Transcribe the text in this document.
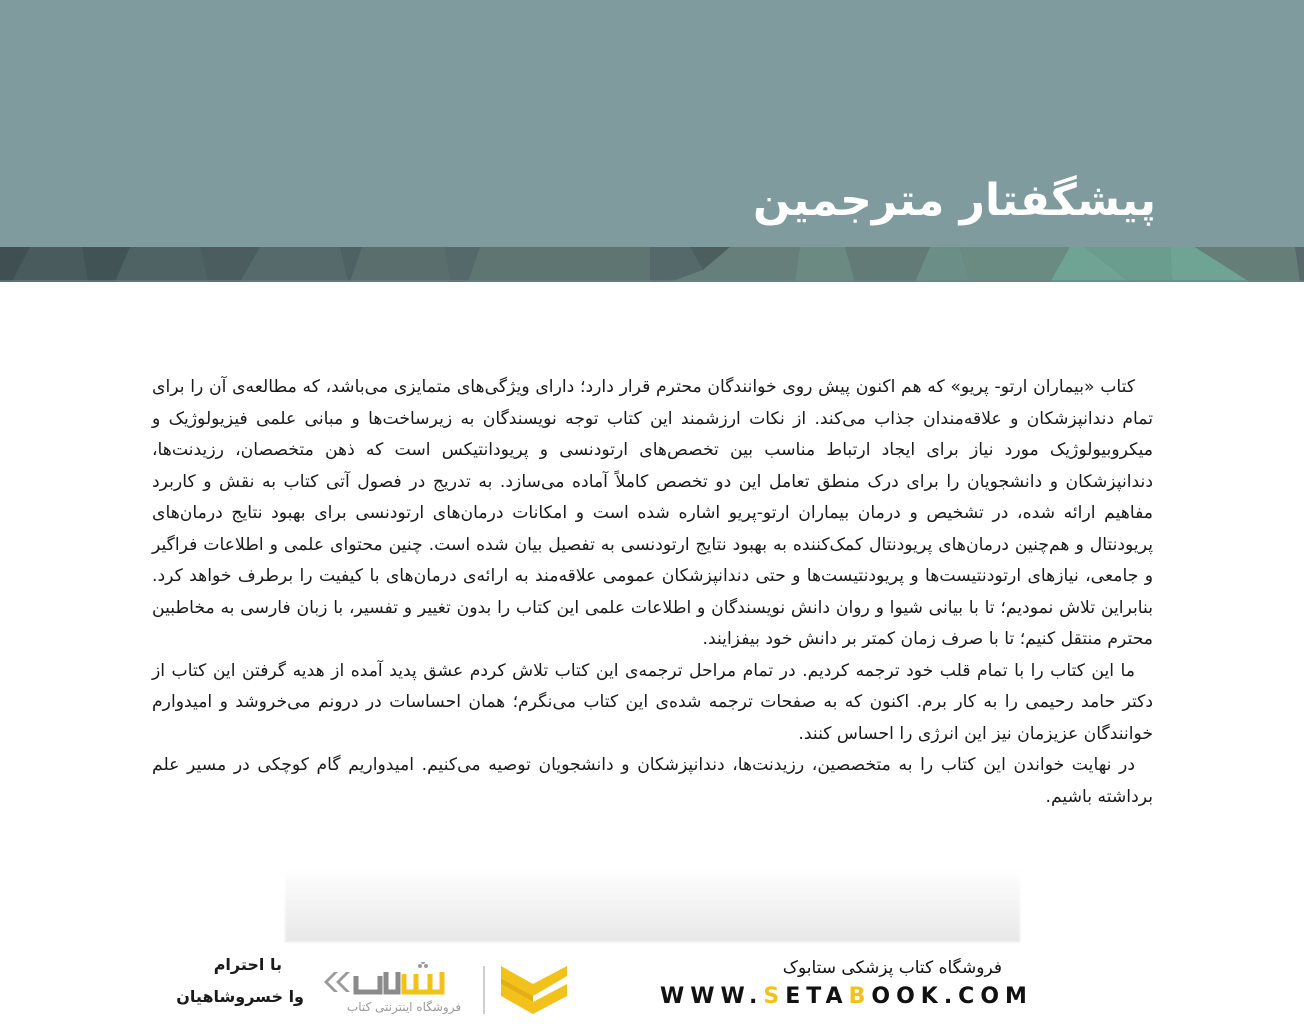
پیشگفتار مترجمین

کتاب «بیماران ارتو- پریو» که هم اکنون پیش روی خوانندگان محترم قرار دارد؛ دارای ویژگی‌های متمایزی می‌باشد، که مطالعه‌ی آن را برای تمام دندانپزشکان و علاقه‌مندان جذاب می‌کند. از نکات ارزشمند این کتاب توجه نویسندگان به زیرساخت‌ها و مبانی علمی فیزیولوژیک و میکروبیولوژیک مورد نیاز برای ایجاد ارتباط مناسب بین تخصص‌های ارتودنسی و پریودانتیکس است که ذهن متخصصان، رزیدنت‌ها، دندانپزشکان و دانشجویان را برای درک منطق تعامل این دو تخصص کاملاً آماده می‌سازد. به تدریج در فصول آتی کتاب به نقش و کاربرد مفاهیم ارائه شده، در تشخیص و درمان بیماران ارتو-پریو اشاره شده است و امکانات درمان‌های ارتودنسی برای بهبود نتایج درمان‌های پریودنتال و هم‌چنین درمان‌های پریودنتال کمک‌کننده به بهبود نتایج ارتودنسی به تفصیل بیان شده است. چنین محتوای علمی و اطلاعات فراگیر و جامعی، نیازهای ارتودنتیست‌ها و پریودنتیست‌ها و حتی دندانپزشکان عمومی علاقه‌مند به ارائه‌ی درمان‌های با کیفیت را برطرف خواهد کرد. بنابراین تلاش نمودیم؛ تا با بیانی شیوا و روان دانش نویسندگان و اطلاعات علمی این کتاب را بدون تغییر و تفسیر، با زبان فارسی به مخاطبین محترم منتقل کنیم؛ تا با صرف زمان کمتر بر دانش خود بیفزایند.

ما این کتاب را با تمام قلب خود ترجمه کردیم. در تمام مراحل ترجمه‌ی این کتاب تلاش کردم عشق پدید آمده از هدیه گرفتن این کتاب از دکتر حامد رحیمی را به کار برم. اکنون که به صفحات ترجمه شده‌ی این کتاب می‌نگرم؛ همان احساسات در درونم می‌خروشد و امیدوارم خوانندگان عزیزمان نیز این انرژی را احساس کنند.

در نهایت خواندن این کتاب را به متخصصین، رزیدنت‌ها، دندانپزشکان و دانشجویان توصیه می‌کنیم. امیدواریم گام کوچکی در مسیر علم برداشته باشیم.

با احترام
وا خسروشاهیان
فروشگاه اینترنتی کتاب
فروشگاه کتاب پزشکی ستابوک
WWW.SETABOOK.COM
